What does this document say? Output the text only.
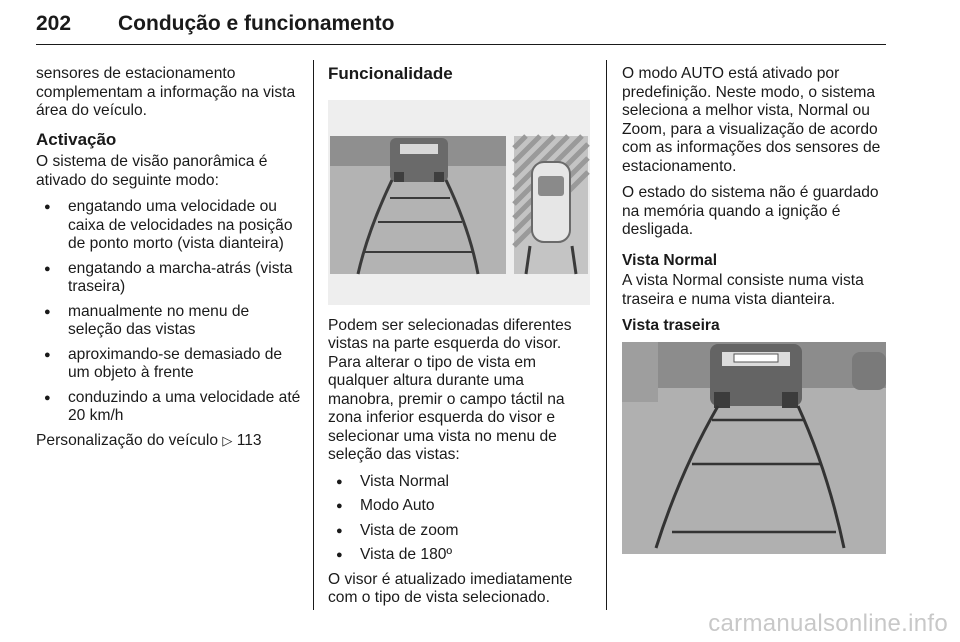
202 Condução e funcionamento

sensores de estacionamento complementam a informação na vista área do veículo.

Activação

O sistema de visão panorâmica é ativado do seguinte modo:

● engatando uma velocidade ou caixa de velocidades na posição de ponto morto (vista dianteira)
● engatando a marcha-atrás (vista traseira)
● manualmente no menu de seleção das vistas
● aproximando-se demasiado de um objeto à frente
● conduzindo a uma velocidade até 20 km/h

Personalização do veículo ▷ 113

Funcionalidade

Podem ser selecionadas diferentes vistas na parte esquerda do visor. Para alterar o tipo de vista em qualquer altura durante uma manobra, premir o campo táctil na zona inferior esquerda do visor e selecionar uma vista no menu de seleção das vistas:

● Vista Normal
● Modo Auto
● Vista de zoom
● Vista de 180º

O visor é atualizado imediatamente com o tipo de vista selecionado.

O modo AUTO está ativado por predefinição. Neste modo, o sistema seleciona a melhor vista, Normal ou Zoom, para a visualização de acordo com as informações dos sensores de estacionamento.

O estado do sistema não é guardado na memória quando a ignição é desligada.

Vista Normal

A vista Normal consiste numa vista traseira e numa vista dianteira.

Vista traseira
carmanualsonline.info
